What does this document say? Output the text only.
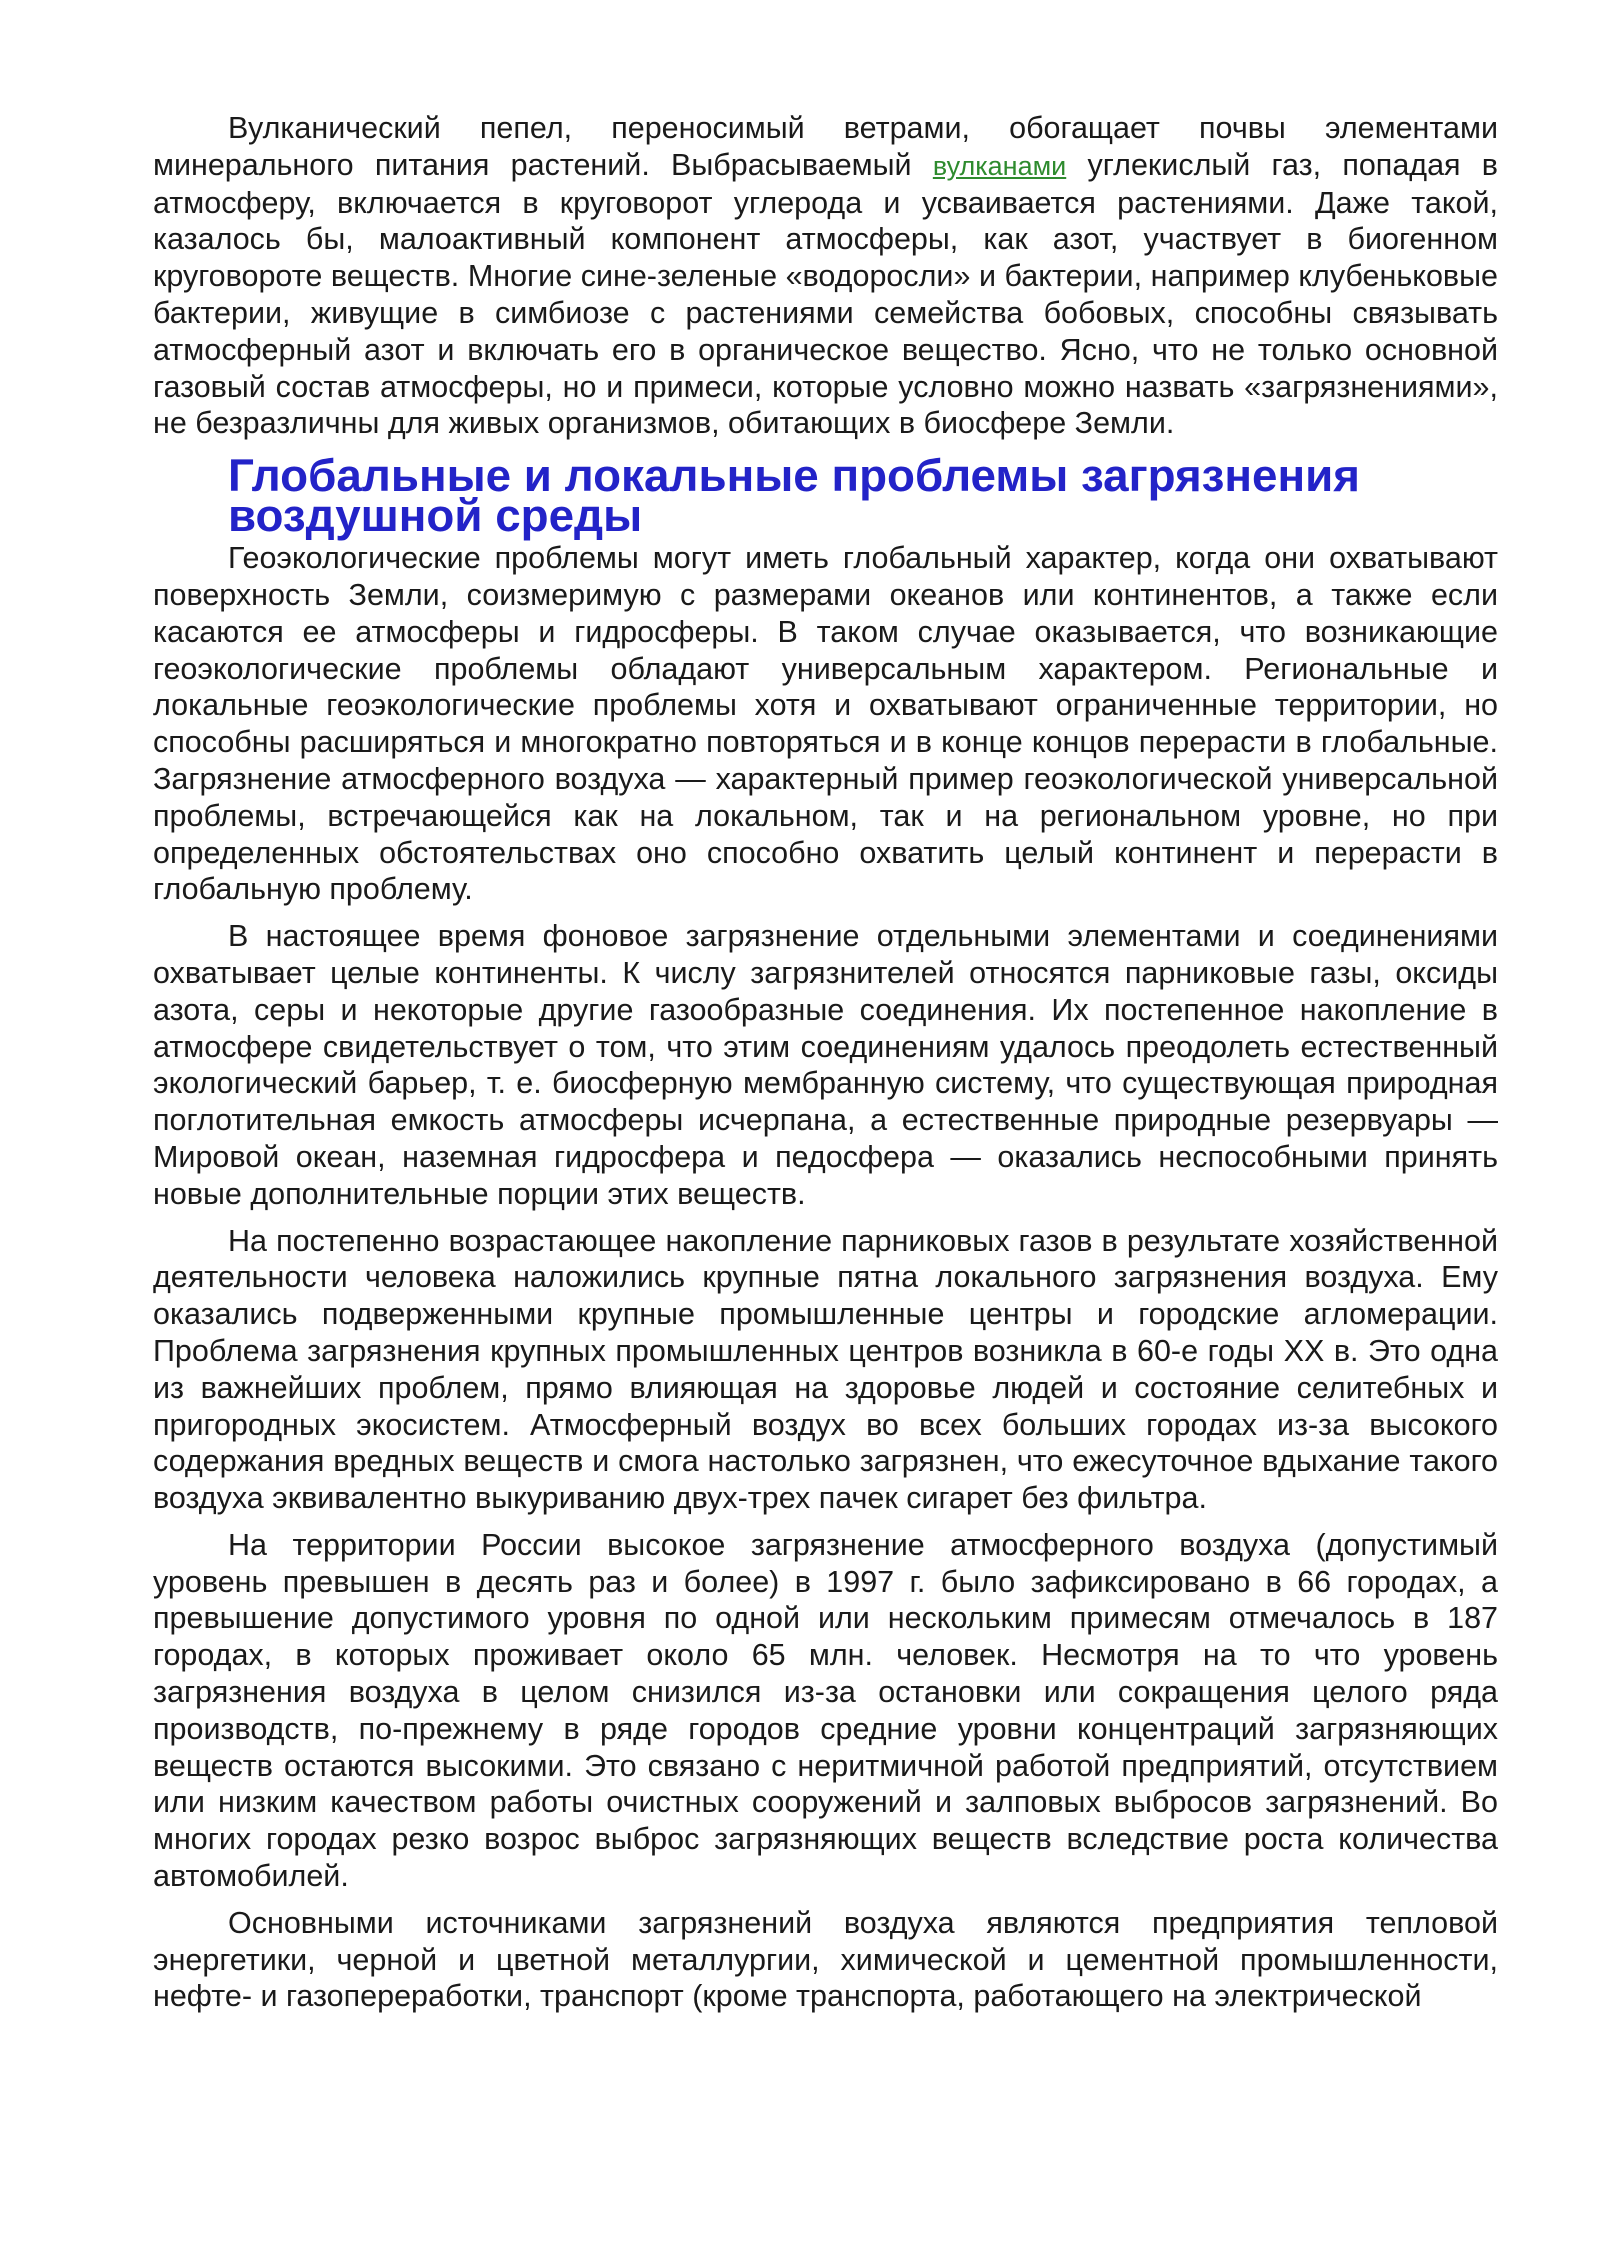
Вулканический пепел, переносимый ветрами, обогащает почвы элементами минерального питания растений. Выбрасываемый вулканами углекислый газ, попадая в атмосферу, включается в круговорот углерода и усваивается растениями. Даже такой, казалось бы, малоактивный компонент атмосферы, как азот, участвует в биогенном круговороте веществ. Многие сине-зеленые «водоросли» и бактерии, например клубеньковые бактерии, живущие в симбиозе с растениями семейства бобовых, способны связывать атмосферный азот и включать его в органическое вещество. Ясно, что не только основной газовый состав атмосферы, но и примеси, которые условно можно назвать «загрязнениями», не безразличны для живых организмов, обитающих в биосфере Земли.

Глобальные и локальные проблемы загрязнения воздушной среды

Геоэкологические проблемы могут иметь глобальный характер, когда они охватывают поверхность Земли, соизмеримую с размерами океанов или континентов, а также если касаются ее атмосферы и гидросферы. В таком случае оказывается, что возникающие геоэкологические проблемы обладают универсальным характером. Региональные и локальные геоэкологические проблемы хотя и охватывают ограниченные территории, но способны расширяться и многократно повторяться и в конце концов перерасти в глобальные. Загрязнение атмосферного воздуха — характерный пример геоэкологической универсальной проблемы, встречающейся как на локальном, так и на региональном уровне, но при определенных обстоятельствах оно способно охватить целый континент и перерасти в глобальную проблему.

В настоящее время фоновое загрязнение отдельными элементами и соединениями охватывает целые континенты. К числу загрязнителей относятся парниковые газы, оксиды азота, серы и некоторые другие газообразные соединения. Их постепенное накопление в атмосфере свидетельствует о том, что этим соединениям удалось преодолеть естественный экологический барьер, т. е. биосферную мембранную систему, что существующая природная поглотительная емкость атмосферы исчерпана, а естественные природные резервуары — Мировой океан, наземная гидросфера и педосфера — оказались неспособными принять новые дополнительные порции этих веществ.

На постепенно возрастающее накопление парниковых газов в результате хозяйственной деятельности человека наложились крупные пятна локального загрязнения воздуха. Ему оказались подверженными крупные промышленные центры и городские агломерации. Проблема загрязнения крупных промышленных центров возникла в 60-е годы XX в. Это одна из важнейших проблем, прямо влияющая на здоровье людей и состояние селитебных и пригородных экосистем. Атмосферный воздух во всех больших городах из-за высокого содержания вредных веществ и смога настолько загрязнен, что ежесуточное вдыхание такого воздуха эквивалентно выкуриванию двух-трех пачек сигарет без фильтра.

На территории России высокое загрязнение атмосферного воздуха (допустимый уровень превышен в десять раз и более) в 1997 г. было зафиксировано в 66 городах, а превышение допустимого уровня по одной или нескольким примесям отмечалось в 187 городах, в которых проживает около 65 млн. человек. Несмотря на то что уровень загрязнения воздуха в целом снизился из-за остановки или сокращения целого ряда производств, по-прежнему в ряде городов средние уровни концентраций загрязняющих веществ остаются высокими. Это связано с неритмичной работой предприятий, отсутствием или низким качеством работы очистных сооружений и залповых выбросов загрязнений. Во многих городах резко возрос выброс загрязняющих веществ вследствие роста количества автомобилей.

Основными источниками загрязнений воздуха являются предприятия тепловой энергетики, черной и цветной металлургии, химической и цементной промышленности, нефте- и газопереработки, транспорт (кроме транспорта, работающего на электрической
